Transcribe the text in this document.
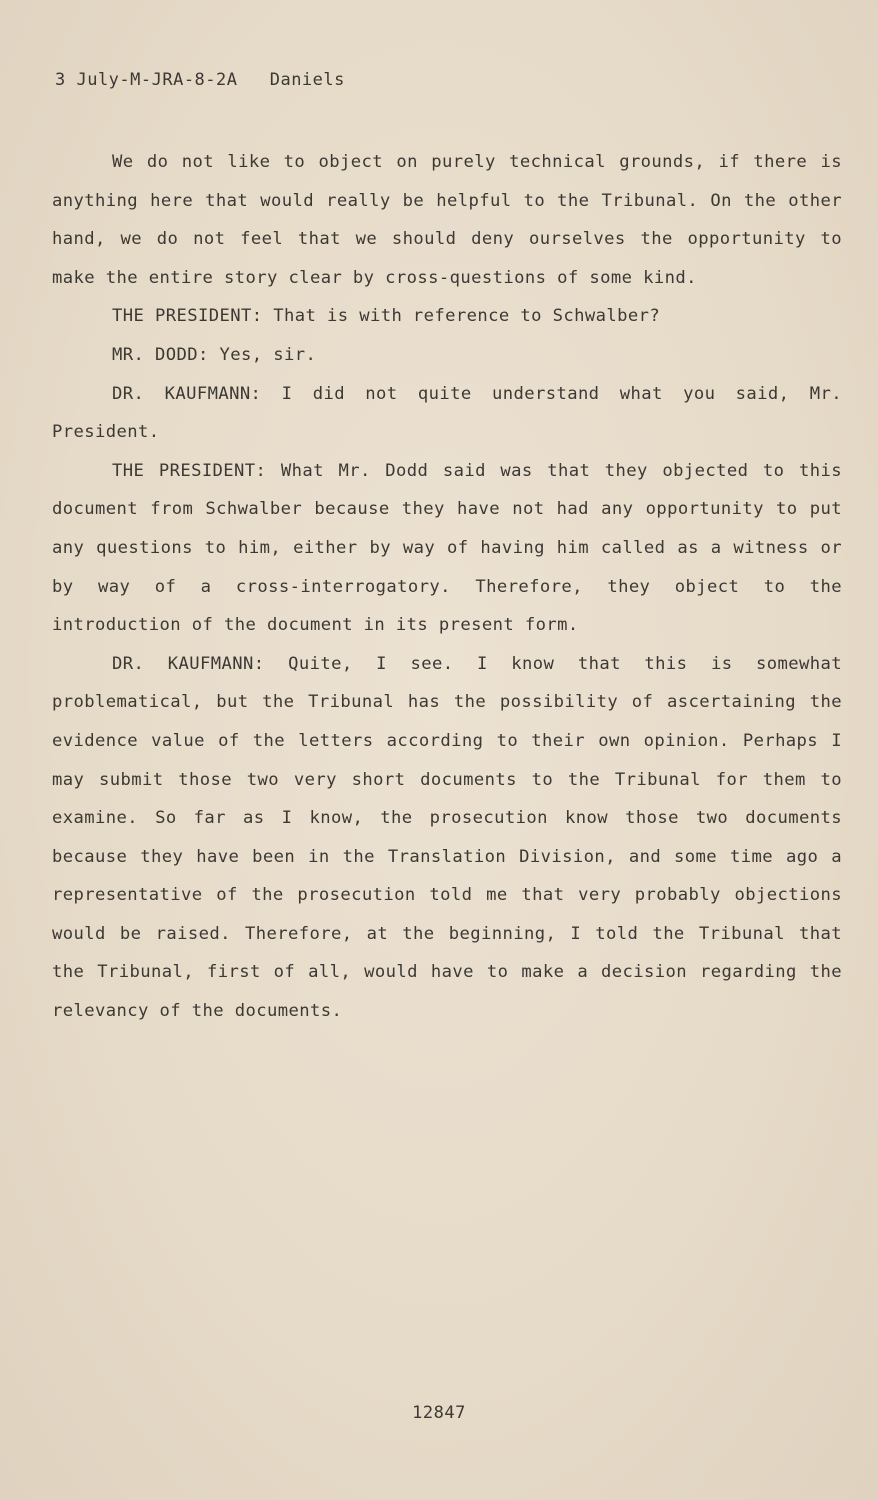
3 July-M-JRA-8-2A Daniels

We do not like to object on purely technical grounds, if there is anything here that would really be helpful to the Tribunal. On the other hand, we do not feel that we should deny ourselves the opportunity to make the entire story clear by cross-questions of some kind.

THE PRESIDENT: That is with reference to Schwalber?

MR. DODD: Yes, sir.

DR. KAUFMANN: I did not quite understand what you said, Mr. President.

THE PRESIDENT: What Mr. Dodd said was that they objected to this document from Schwalber because they have not had any opportunity to put any questions to him, either by way of having him called as a witness or by way of a cross-interrogatory. Therefore, they object to the introduction of the document in its present form.

DR. KAUFMANN: Quite, I see. I know that this is somewhat problematical, but the Tribunal has the possibility of ascertaining the evidence value of the letters according to their own opinion. Perhaps I may submit those two very short documents to the Tribunal for them to examine. So far as I know, the prosecution know those two documents because they have been in the Translation Division, and some time ago a representative of the prosecution told me that very probably objections would be raised. Therefore, at the beginning, I told the Tribunal that the Tribunal, first of all, would have to make a decision regarding the relevancy of the documents.

12847
